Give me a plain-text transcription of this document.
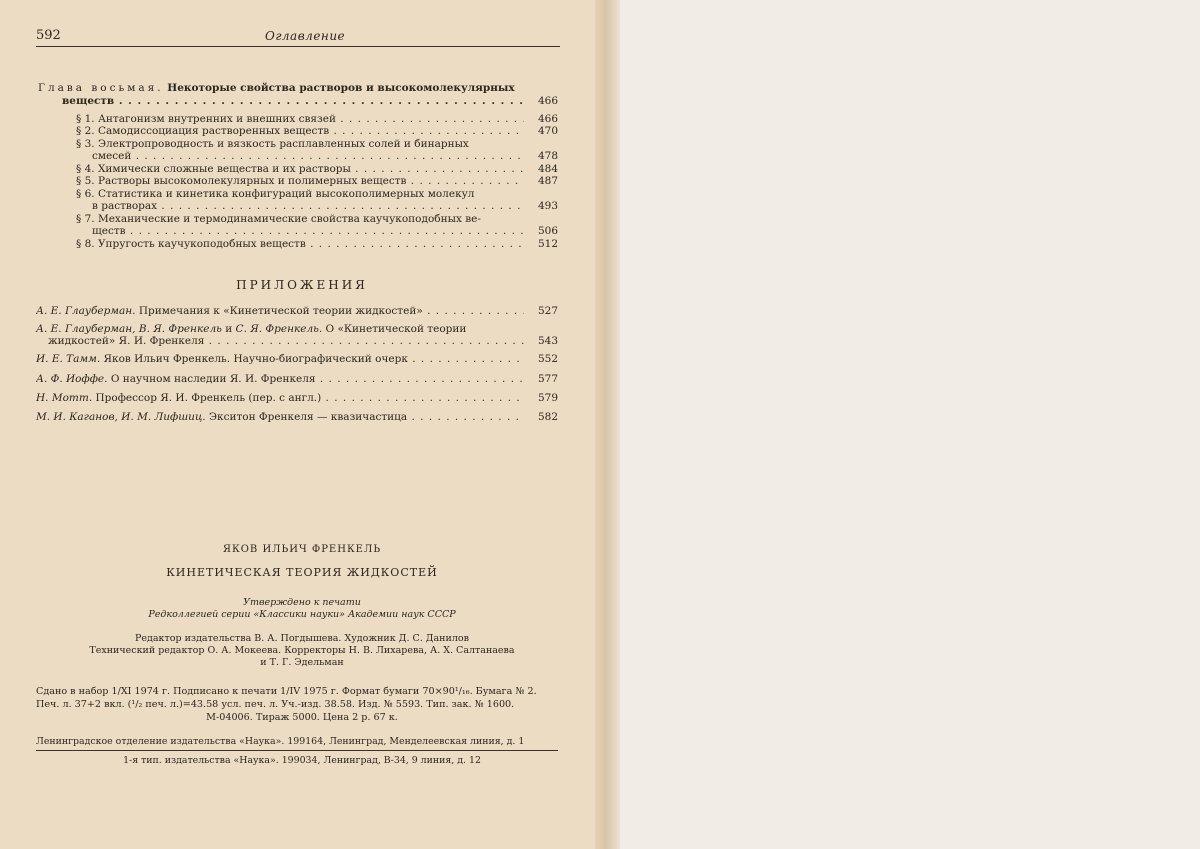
592	Оглавление
Глава восьмая. Некоторые свойства растворов и высокомолекулярных
веществ . . .	466
§ 1. Антагонизм внутренних и внешних связей . . .	466
§ 2. Самодиссоциация растворенных веществ . . .	470
§ 3. Электропроводность и вязкость расплавленных солей и бинарных
смесей . . .	478
§ 4. Химически сложные вещества и их растворы . . .	484
§ 5. Растворы высокомолекулярных и полимерных веществ . . .	487
§ 6. Статистика и кинетика конфигураций высокополимерных молекул
в растворах . . .	493
§ 7. Механические и термодинамические свойства каучукоподобных ве-
ществ . . .	506
§ 8. Упругость каучукоподобных веществ . . .	512
ПРИЛОЖЕНИЯ
А. Е. Глауберман. Примечания к «Кинетической теории жидкостей» . . .	527
А. Е. Глауберман, В. Я. Френкель и С. Я. Френкель. О «Кинетической теории
жидкостей» Я. И. Френкеля . . .	543
И. Е. Тамм. Яков Ильич Френкель. Научно-биографический очерк . . .	552
А. Ф. Иоффе. О научном наследии Я. И. Френкеля . . .	577
Н. Мотт. Профессор Я. И. Френкель (пер. с англ.) . . .	579
М. И. Каганов, И. М. Лифшиц. Экситон Френкеля — квазичастица . . .	582
ЯКОВ ИЛЬИЧ ФРЕНКЕЛЬ
КИНЕТИЧЕСКАЯ ТЕОРИЯ ЖИДКОСТЕЙ
Утверждено к печати
Редколлегией серии «Классики науки» Академии наук СССР
Редактор издательства В. А. Погдышева. Художник Д. С. Данилов
Технический редактор О. А. Мокеева. Корректоры Н. В. Лихарева, А. Х. Салтанаева
и Т. Г. Эдельман
Сдано в набор 1/XI 1974 г. Подписано к печати 1/IV 1975 г. Формат бумаги 70×90¹/₁₆. Бумага № 2.
Печ. л. 37+2 вкл. (¹/₂ печ. л.)=43.58 усл. печ. л. Уч.-изд. 38.58. Изд. № 5593. Тип. зак. № 1600.
М-04006. Тираж 5000. Цена 2 р. 67 к.
Ленинградское отделение издательства «Наука». 199164, Ленинград, Менделеевская линия, д. 1
1-я тип. издательства «Наука». 199034, Ленинград, В-34, 9 линия, д. 12
